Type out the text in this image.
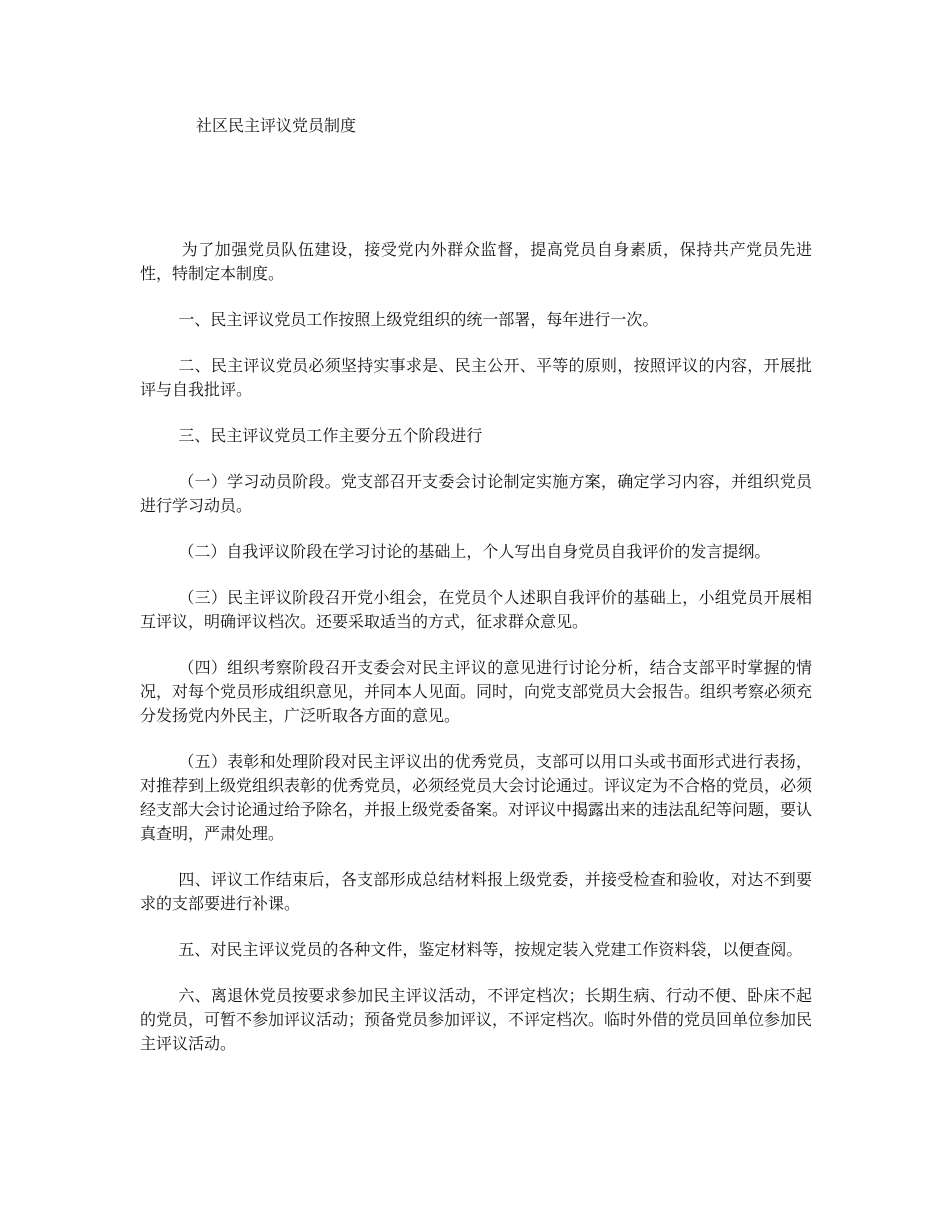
社区民主评议党员制度

为了加强党员队伍建设，接受党内外群众监督，提高党员自身素质，保持共产党员先进性，特制定本制度。

一、民主评议党员工作按照上级党组织的统一部署，每年进行一次。

二、民主评议党员必须坚持实事求是、民主公开、平等的原则，按照评议的内容，开展批评与自我批评。

三、民主评议党员工作主要分五个阶段进行

（一）学习动员阶段。党支部召开支委会讨论制定实施方案，确定学习内容，并组织党员进行学习动员。

（二）自我评议阶段在学习讨论的基础上，个人写出自身党员自我评价的发言提纲。

（三）民主评议阶段召开党小组会，在党员个人述职自我评价的基础上，小组党员开展相互评议，明确评议档次。还要采取适当的方式，征求群众意见。

（四）组织考察阶段召开支委会对民主评议的意见进行讨论分析，结合支部平时掌握的情况，对每个党员形成组织意见，并同本人见面。同时，向党支部党员大会报告。组织考察必须充分发扬党内外民主，广泛听取各方面的意见。

（五）表彰和处理阶段对民主评议出的优秀党员，支部可以用口头或书面形式进行表扬，对推荐到上级党组织表彰的优秀党员，必须经党员大会讨论通过。评议定为不合格的党员，必须经支部大会讨论通过给予除名，并报上级党委备案。对评议中揭露出来的违法乱纪等问题，要认真查明，严肃处理。

四、评议工作结束后，各支部形成总结材料报上级党委，并接受检查和验收，对达不到要求的支部要进行补课。

五、对民主评议党员的各种文件，鉴定材料等，按规定装入党建工作资料袋，以便查阅。

六、离退休党员按要求参加民主评议活动，不评定档次；长期生病、行动不便、卧床不起的党员，可暂不参加评议活动；预备党员参加评议，不评定档次。临时外借的党员回单位参加民主评议活动。
